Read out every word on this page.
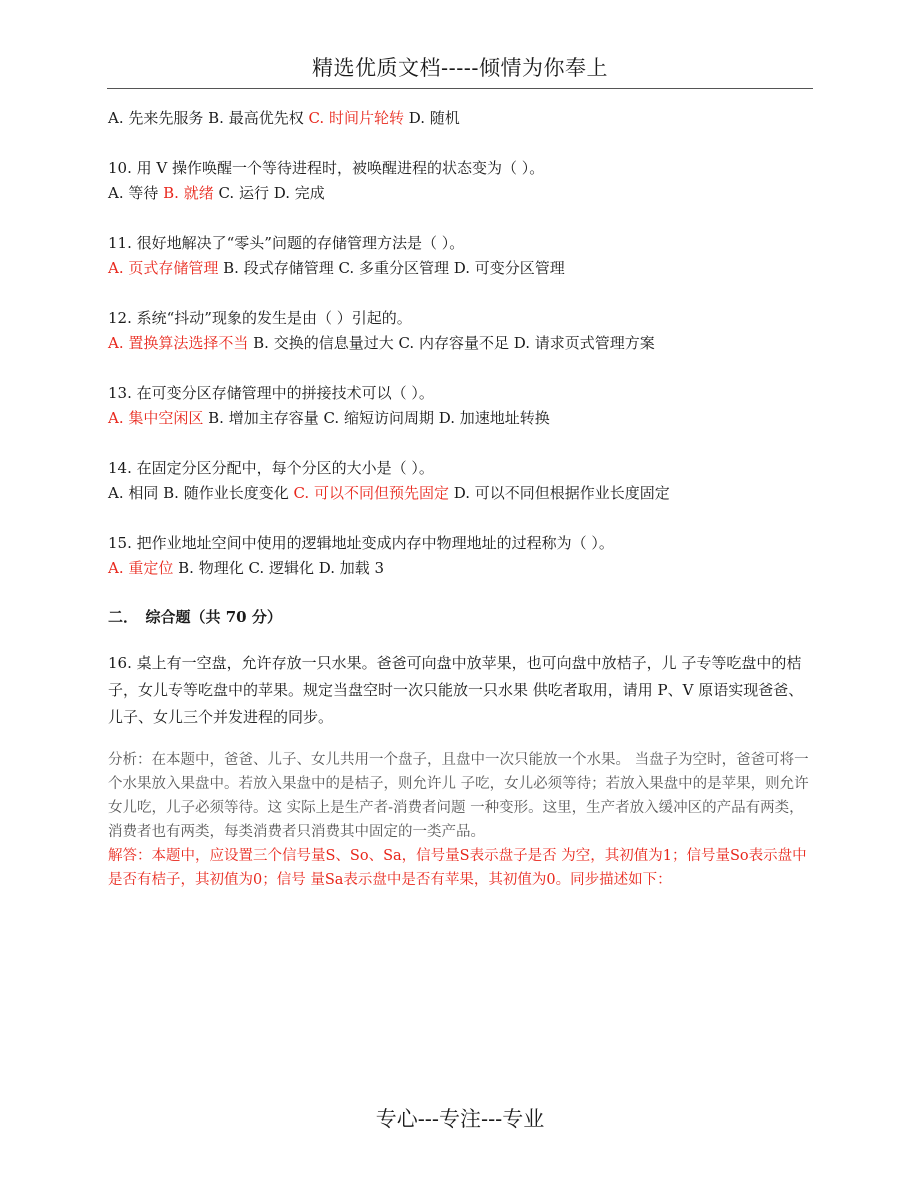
精选优质文档-----倾情为你奉上
A. 先来先服务 B. 最高优先权 C. 时间片轮转 D. 随机
10. 用 V 操作唤醒一个等待进程时，被唤醒进程的状态变为（ ）。
A. 等待 B. 就绪 C. 运行 D. 完成
11. 很好地解决了“零头”问题的存储管理方法是（ ）。
A. 页式存储管理 B. 段式存储管理 C. 多重分区管理 D. 可变分区管理
12. 系统“抖动”现象的发生是由（ ）引起的。
A. 置换算法选择不当 B. 交换的信息量过大 C. 内存容量不足 D. 请求页式管理方案
13. 在可变分区存储管理中的拼接技术可以（ ）。
A. 集中空闲区 B. 增加主存容量 C. 缩短访问周期 D. 加速地址转换
14. 在固定分区分配中，每个分区的大小是（ ）。
A. 相同 B. 随作业长度变化 C. 可以不同但预先固定 D. 可以不同但根据作业长度固定
15. 把作业地址空间中使用的逻辑地址变成内存中物理地址的过程称为（ ）。
A. 重定位 B. 物理化 C. 逻辑化 D. 加载 3
二．　综合题（共 70 分）
16. 桌上有一空盘，允许存放一只水果。爸爸可向盘中放苹果，也可向盘中放桔子，儿 子专等吃盘中的桔子，女儿专等吃盘中的苹果。规定当盘空时一次只能放一只水果 供吃者取用，请用 P、V 原语实现爸爸、儿子、女儿三个并发进程的同步。
分析：在本题中，爸爸、儿子、女儿共用一个盘子，且盘中一次只能放一个水果。 当盘子为空时，爸爸可将一个水果放入果盘中。若放入果盘中的是桔子，则允许儿 子吃，女儿必须等待；若放入果盘中的是苹果，则允许女儿吃，儿子必须等待。这 实际上是生产者-消费者问题 一种变形。这里，生产者放入缓冲区的产品有两类， 消费者也有两类，每类消费者只消费其中固定的一类产品。
解答：本题中，应设置三个信号量S、So、Sa，信号量S表示盘子是否 为空，其初值为1；信号量So表示盘中是否有桔子，其初值为0；信号 量Sa表示盘中是否有苹果，其初值为0。同步描述如下：
专心---专注---专业
